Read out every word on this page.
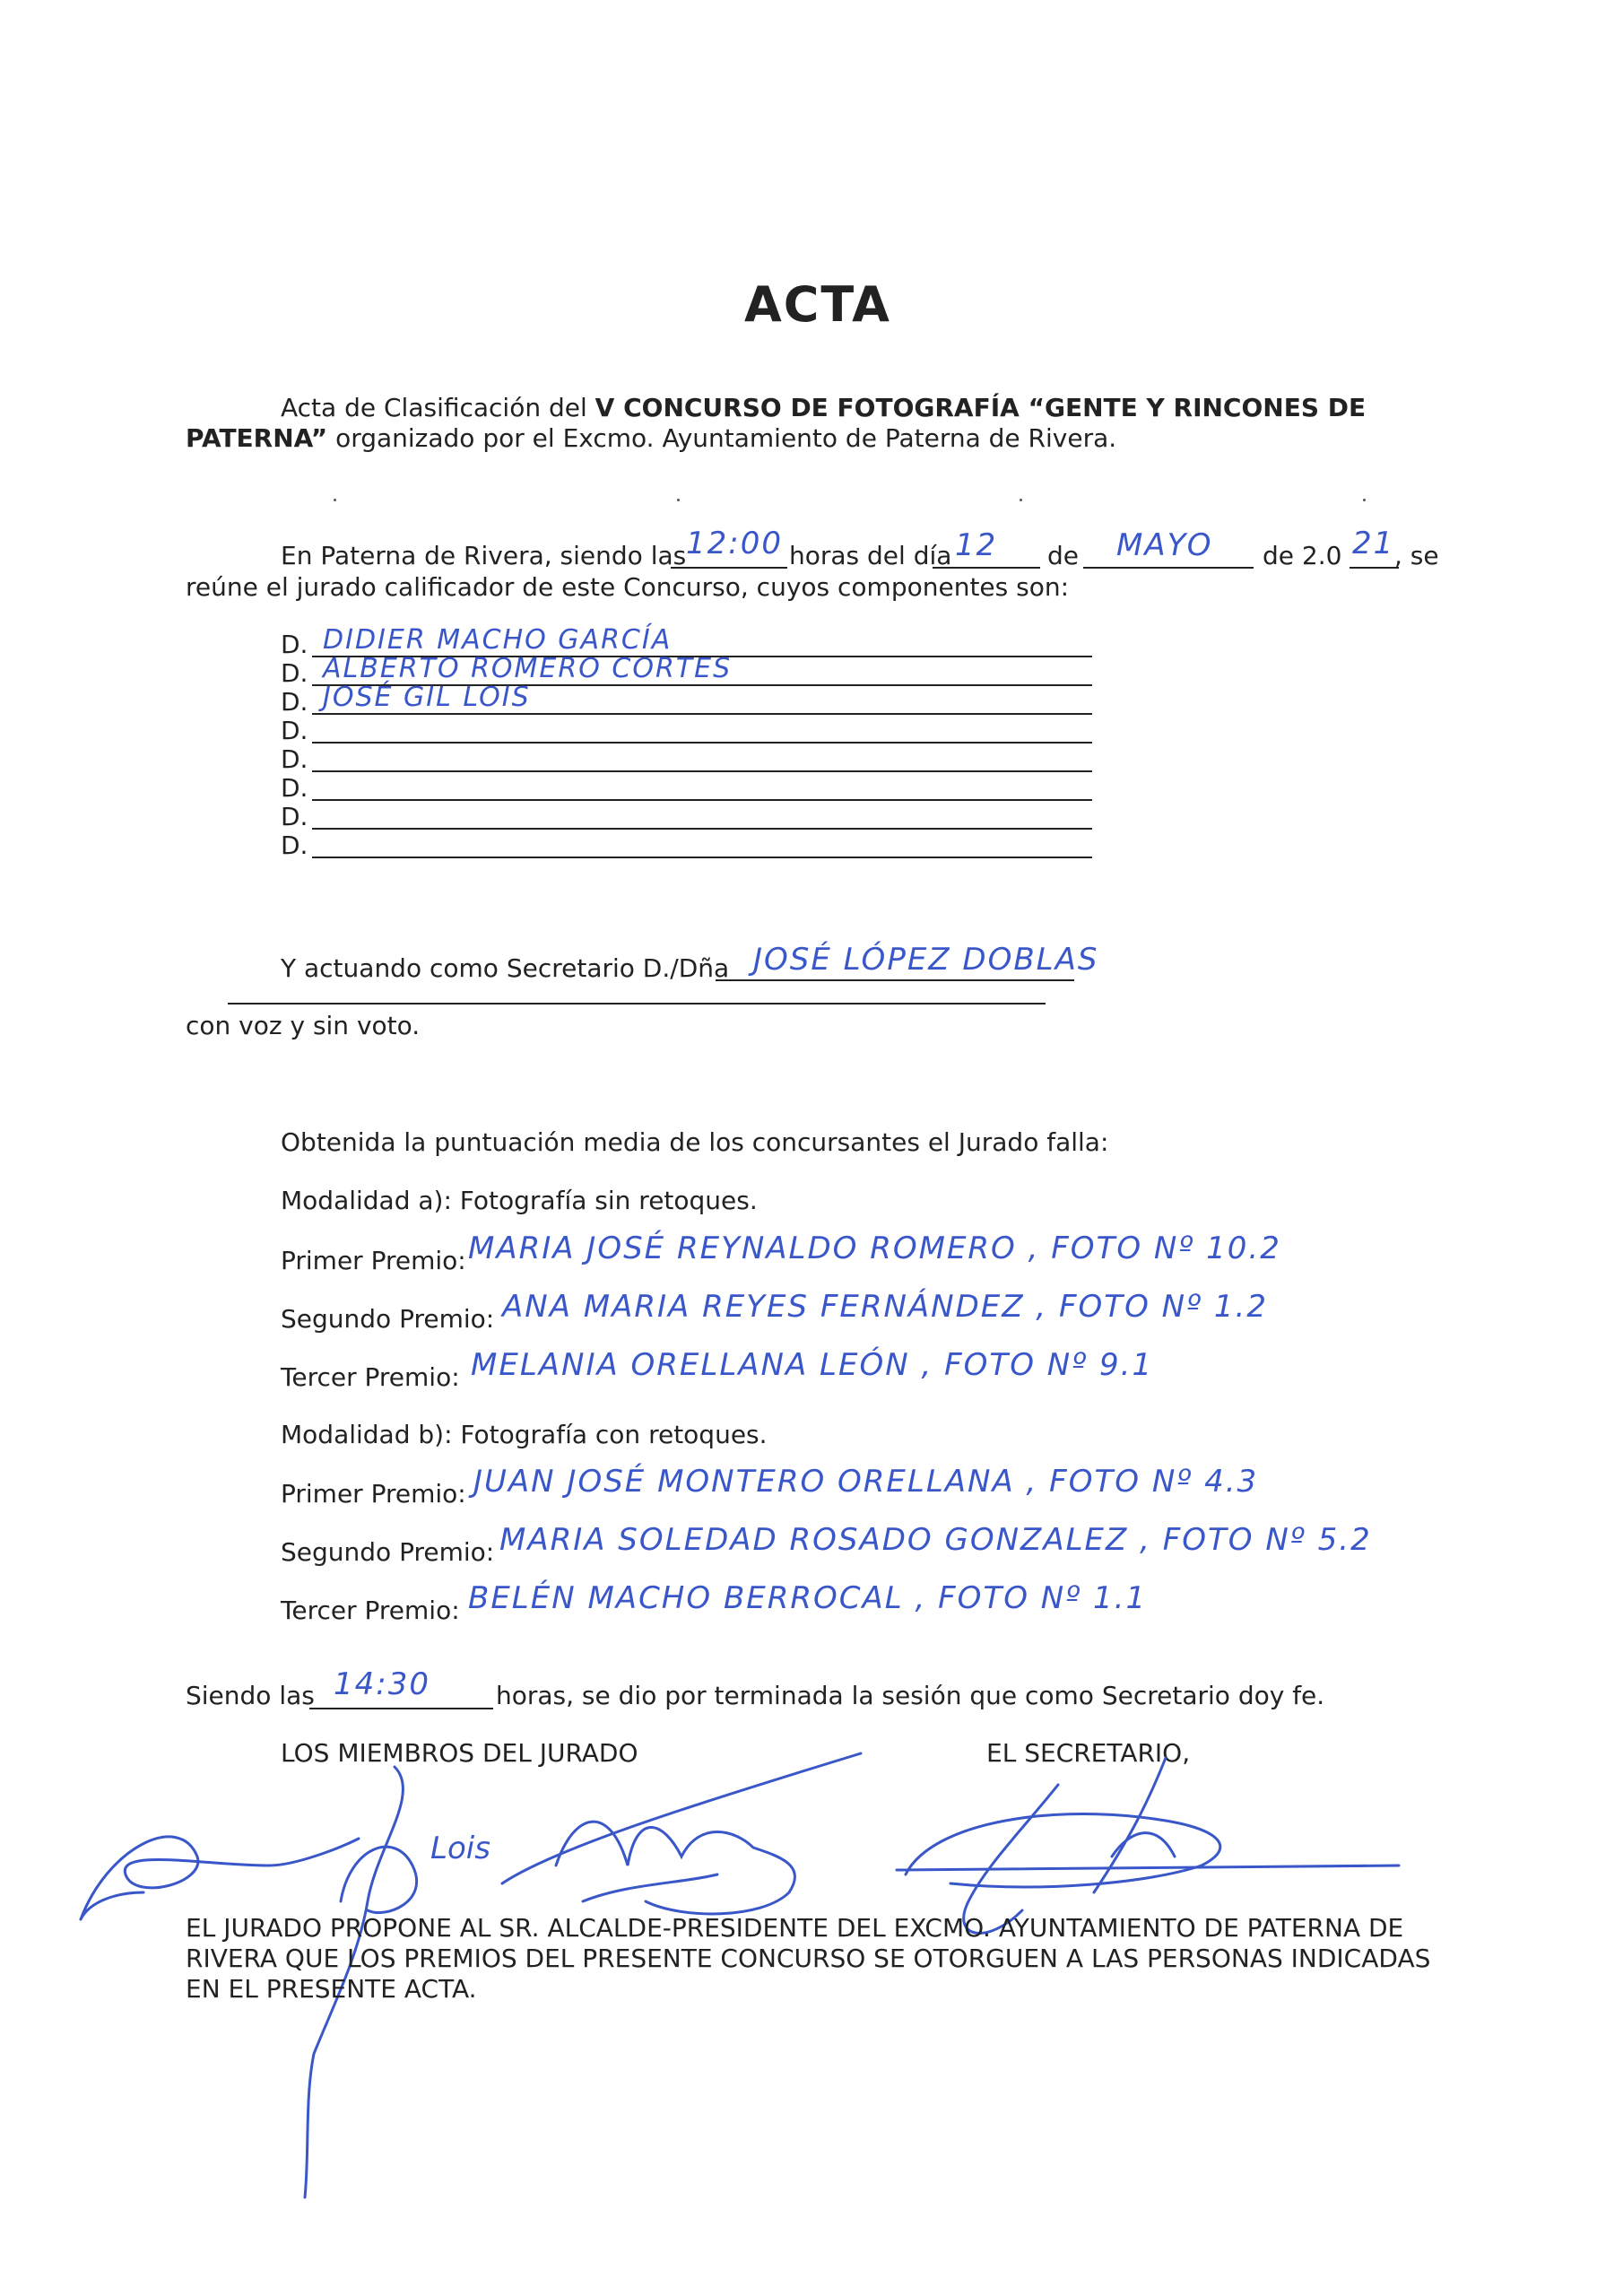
ACTA
Acta de Clasificación del V CONCURSO DE FOTOGRAFÍA “GENTE Y RINCONES DE
PATERNA” organizado por el Excmo. Ayuntamiento de Paterna de Rivera.
En Paterna de Rivera, siendo las 12:00 horas del día 12 de MAYO de 2.0 21 , se
reúne el jurado calificador de este Concurso, cuyos componentes son:
D. DIDIER MACHO GARCÍA
D. ALBERTO ROMERO CORTES
D. JOSÉ GIL LOIS
D.
D.
D.
D.
D.
Y actuando como Secretario D./Dña JOSÉ LÓPEZ DOBLAS
con voz y sin voto.
Obtenida la puntuación media de los concursantes el Jurado falla:
Modalidad a): Fotografía sin retoques.
Primer Premio: MARIA JOSÉ REYNALDO ROMERO , FOTO Nº 10.2
Segundo Premio: ANA MARIA REYES FERNÁNDEZ , FOTO Nº 1.2
Tercer Premio: MELANIA ORELLANA LEÓN , FOTO Nº 9.1
Modalidad b): Fotografía con retoques.
Primer Premio: JUAN JOSÉ MONTERO ORELLANA , FOTO Nº 4.3
Segundo Premio: MARIA SOLEDAD ROSADO GONZALEZ , FOTO Nº 5.2
Tercer Premio: BELÉN MACHO BERROCAL , FOTO Nº 1.1
Siendo las 14:30	horas, se dio por terminada la sesión que como Secretario doy fe.
LOS MIEMBROS DEL JURADO	EL SECRETARIO,
Lois
EL JURADO PROPONE AL SR. ALCALDE-PRESIDENTE DEL EXCMO. AYUNTAMIENTO DE PATERNA DE
RIVERA QUE LOS PREMIOS DEL PRESENTE CONCURSO SE OTORGUEN A LAS PERSONAS INDICADAS
EN EL PRESENTE ACTA.
